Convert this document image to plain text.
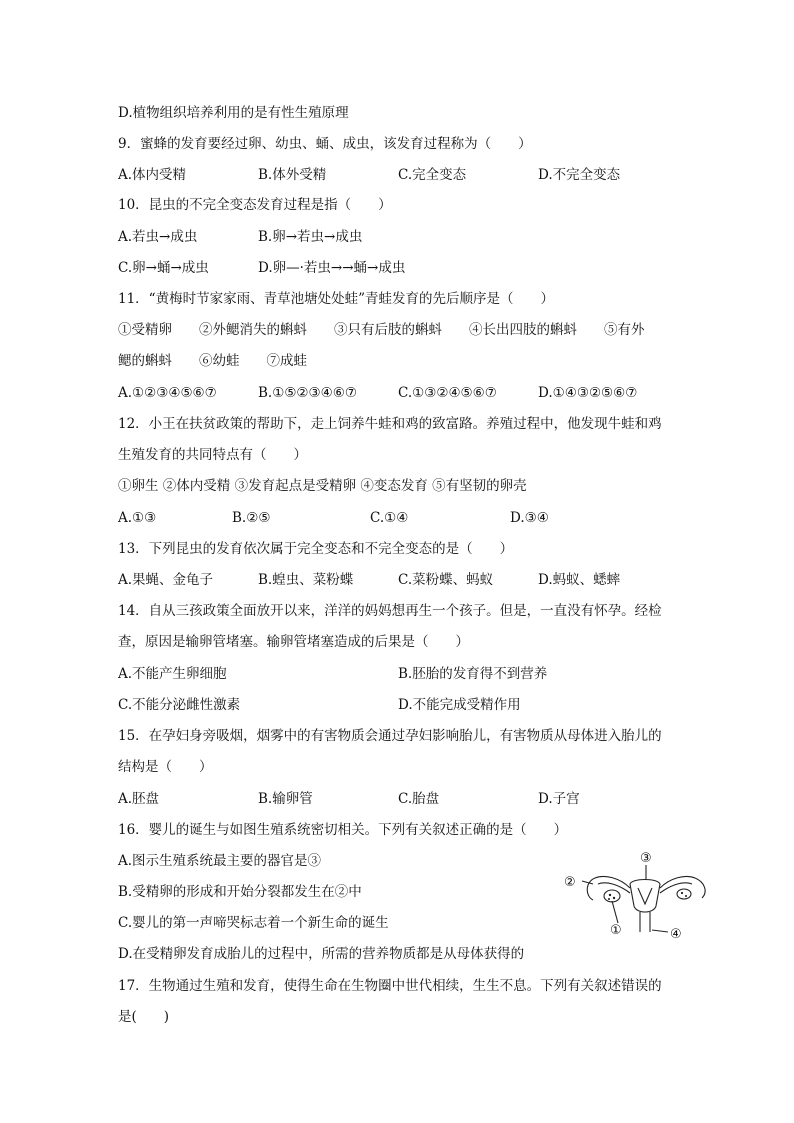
D.植物组织培养利用的是有性生殖原理
9．蜜蜂的发育要经过卵、幼虫、蛹、成虫，该发育过程称为（　　）
A.体内受精	B.体外受精	C.完全变态	D.不完全变态
10．昆虫的不完全变态发育过程是指（　　）
A.若虫→成虫	B.卵→若虫→成虫
C.卵→蛹→成虫	D.卵—·若虫→→蛹→成虫
11．“黄梅时节家家雨、青草池塘处处蛙”青蛙发育的先后顺序是（　　）
①受精卵　　②外鳃消失的蝌蚪　　③只有后肢的蝌蚪　　④长出四肢的蝌蚪　　⑤有外
鳃的蝌蚪　　⑥幼蛙　　⑦成蛙
A.①②③④⑤⑥⑦	B.①⑤②③④⑥⑦	C.①③②④⑤⑥⑦	D.①④③②⑤⑥⑦
12．小王在扶贫政策的帮助下，走上饲养牛蛙和鸡的致富路。养殖过程中，他发现牛蛙和鸡
生殖发育的共同特点有（　　）
①卵生 ②体内受精 ③发育起点是受精卵 ④变态发育 ⑤有坚韧的卵壳
A.①③	B.②⑤	C.①④	D.③④
13．下列昆虫的发育依次属于完全变态和不完全变态的是（　　）
A.果蝇、金龟子	B.蝗虫、菜粉蝶	C.菜粉蝶、蚂蚁	D.蚂蚁、蟋蟀
14．自从三孩政策全面放开以来，洋洋的妈妈想再生一个孩子。但是，一直没有怀孕。经检
查，原因是输卵管堵塞。输卵管堵塞造成的后果是（　　）
A.不能产生卵细胞	B.胚胎的发育得不到营养
C.不能分泌雌性激素	D.不能完成受精作用
15．在孕妇身旁吸烟，烟雾中的有害物质会通过孕妇影响胎儿，有害物质从母体进入胎儿的
结构是（　　）
A.胚盘	B.输卵管	C.胎盘	D.子宫
16．婴儿的诞生与如图生殖系统密切相关。下列有关叙述正确的是（　　）
A.图示生殖系统最主要的器官是③
B.受精卵的形成和开始分裂都发生在②中
C.婴儿的第一声啼哭标志着一个新生命的诞生
D.在受精卵发育成胎儿的过程中，所需的营养物质都是从母体获得的
②
①
③
④
17．生物通过生殖和发育，使得生命在生物圈中世代相续，生生不息。下列有关叙述错误的
是(　　)
